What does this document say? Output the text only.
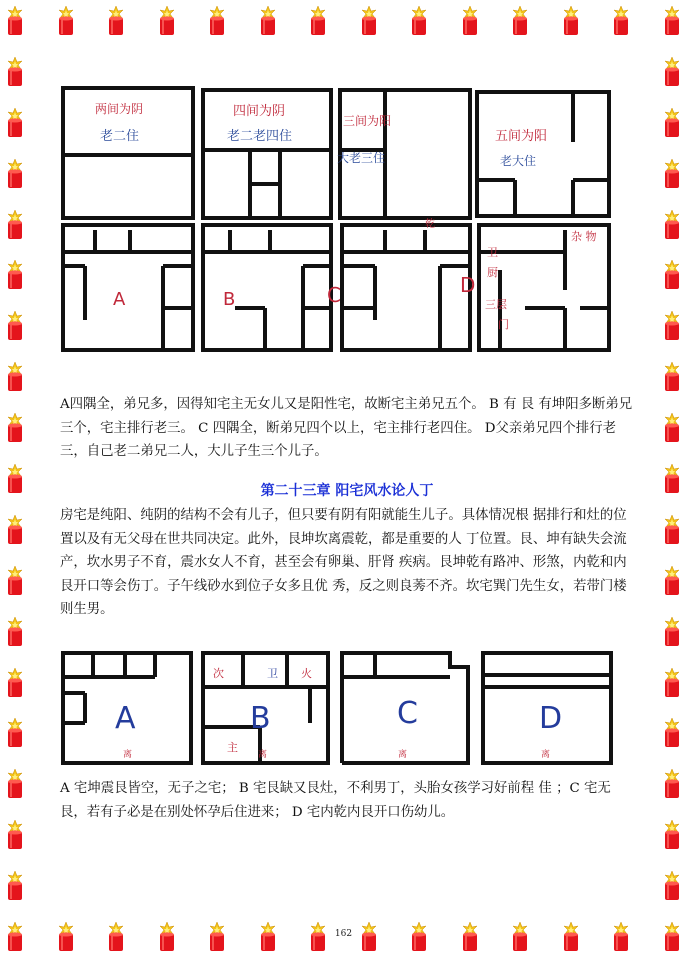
两间为阴
老二住
A
四间为阴
老二老四住
B
三间为阳
大老三住
乾
C
五间为阳
老大住
D
卫
厨
三层
门
杂 物

A四隅全，弟兄多，因得知宅主无女儿又是阳性宅，故断宅主弟兄五个。 B 有 艮 有坤阳多断弟兄三个，宅主排行老三。 C 四隅全，断弟兄四个以上，宅主排行老四住。 D父亲弟兄四个排行老三，自己老二弟兄二人，大儿子生三个儿子。

第二十三章 阳宅风水论人丁

房宅是纯阳、纯阴的结构不会有儿子，但只要有阴有阳就能生儿子。具体情况根 据排行和灶的位置以及有无父母在世共同决定。此外，艮坤坎离震乾，都是重要的人 丁位置。艮、坤有缺失会流产，坎水男子不育，震水女人不育，甚至会有卵巢、肝肾 疾病。艮坤乾有路冲、形煞，内乾和内艮开口等会伤丁。子午线砂水到位子女多且优 秀，反之则良莠不齐。坎宅巽门先生女，若带门楼则生男。

A
离
B
次	卫 火
主
离
C
离
D
离

A 宅坤震艮皆空，无子之宅； B 宅艮缺又艮灶，不利男丁，头胎女孩学习好前程 佳 ；C 宅无艮，若有子必是在别处怀孕后住进来； D 宅内乾内艮开口伤幼儿。

162
